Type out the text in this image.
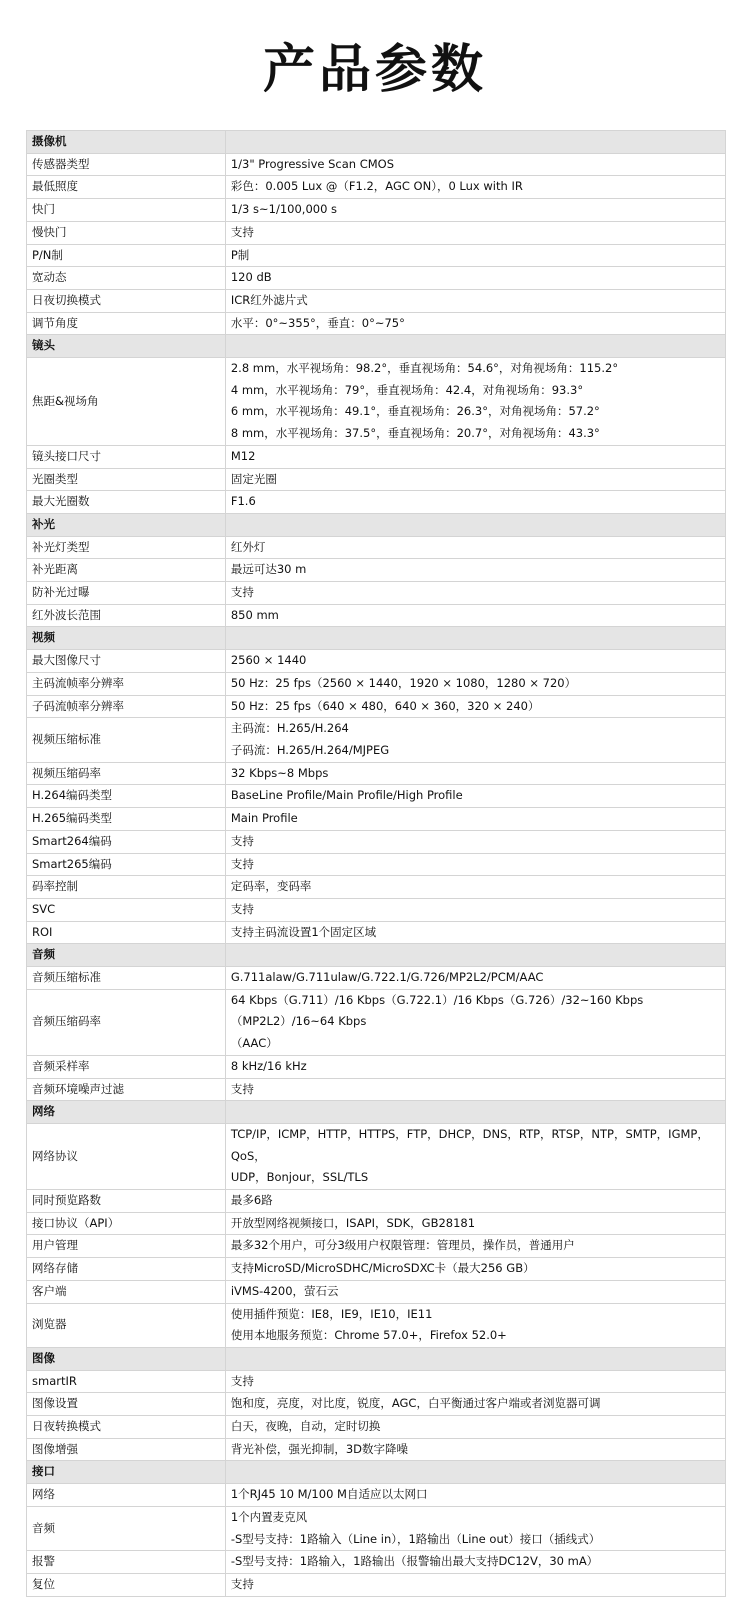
产品参数
摄像机	
传感器类型	1/3" Progressive Scan CMOS

最低照度	彩色：0.005 Lux @（F1.2，AGC ON），0 Lux with IR

快门	1/3 s~1/100,000 s

慢快门	支持

P/N制	P制

宽动态	120 dB

日夜切换模式	ICR红外滤片式

调节角度	水平：0°~355°，垂直：0°~75°

镜头	
焦距&视场角	2.8 mm，水平视场角：98.2°，垂直视场角：54.6°，对角视场角：115.2°
4 mm，水平视场角：79°，垂直视场角：42.4，对角视场角：93.3°
6 mm，水平视场角：49.1°，垂直视场角：26.3°，对角视场角：57.2°
8 mm，水平视场角：37.5°，垂直视场角：20.7°，对角视场角：43.3°

镜头接口尺寸	M12

光圈类型	固定光圈

最大光圈数	F1.6

补光	
补光灯类型	红外灯

补光距离	最远可达30 m

防补光过曝	支持

红外波长范围	850 mm

视频	
最大图像尺寸	2560 × 1440

主码流帧率分辨率	50 Hz：25 fps（2560 × 1440，1920 × 1080，1280 × 720）

子码流帧率分辨率	50 Hz：25 fps（640 × 480，640 × 360，320 × 240）

视频压缩标准	主码流：H.265/H.264
子码流：H.265/H.264/MJPEG

视频压缩码率	32 Kbps~8 Mbps

H.264编码类型	BaseLine Profile/Main Profile/High Profile

H.265编码类型	Main Profile

Smart264编码	支持

Smart265编码	支持

码率控制	定码率，变码率

SVC	支持

ROI	支持主码流设置1个固定区域

音频	
音频压缩标准	G.711alaw/G.711ulaw/G.722.1/G.726/MP2L2/PCM/AAC

音频压缩码率	64 Kbps（G.711）/16 Kbps（G.722.1）/16 Kbps（G.726）/32~160 Kbps（MP2L2）/16~64 Kbps
（AAC）

音频采样率	8 kHz/16 kHz

音频环境噪声过滤	支持

网络	
网络协议	TCP/IP，ICMP，HTTP，HTTPS，FTP，DHCP，DNS，RTP，RTSP，NTP，SMTP，IGMP，QoS，
UDP，Bonjour，SSL/TLS

同时预览路数	最多6路

接口协议（API）	开放型网络视频接口，ISAPI，SDK，GB28181

用户管理	最多32个用户，可分3级用户权限管理：管理员，操作员，普通用户

网络存储	支持MicroSD/MicroSDHC/MicroSDXC卡（最大256 GB）

客户端	iVMS-4200，萤石云

浏览器	使用插件预览：IE8，IE9，IE10，IE11
使用本地服务预览：Chrome 57.0+，Firefox 52.0+

图像	
smartIR	支持

图像设置	饱和度，亮度，对比度，锐度，AGC，白平衡通过客户端或者浏览器可调

日夜转换模式	白天，夜晚，自动，定时切换

图像增强	背光补偿，强光抑制，3D数字降噪

接口	
网络	1个RJ45 10 M/100 M自适应以太网口

音频	1个内置麦克风
-S型号支持：1路输入（Line in），1路输出（Line out）接口（插线式）

报警	-S型号支持：1路输入，1路输出（报警输出最大支持DC12V，30 mA）

复位	支持
